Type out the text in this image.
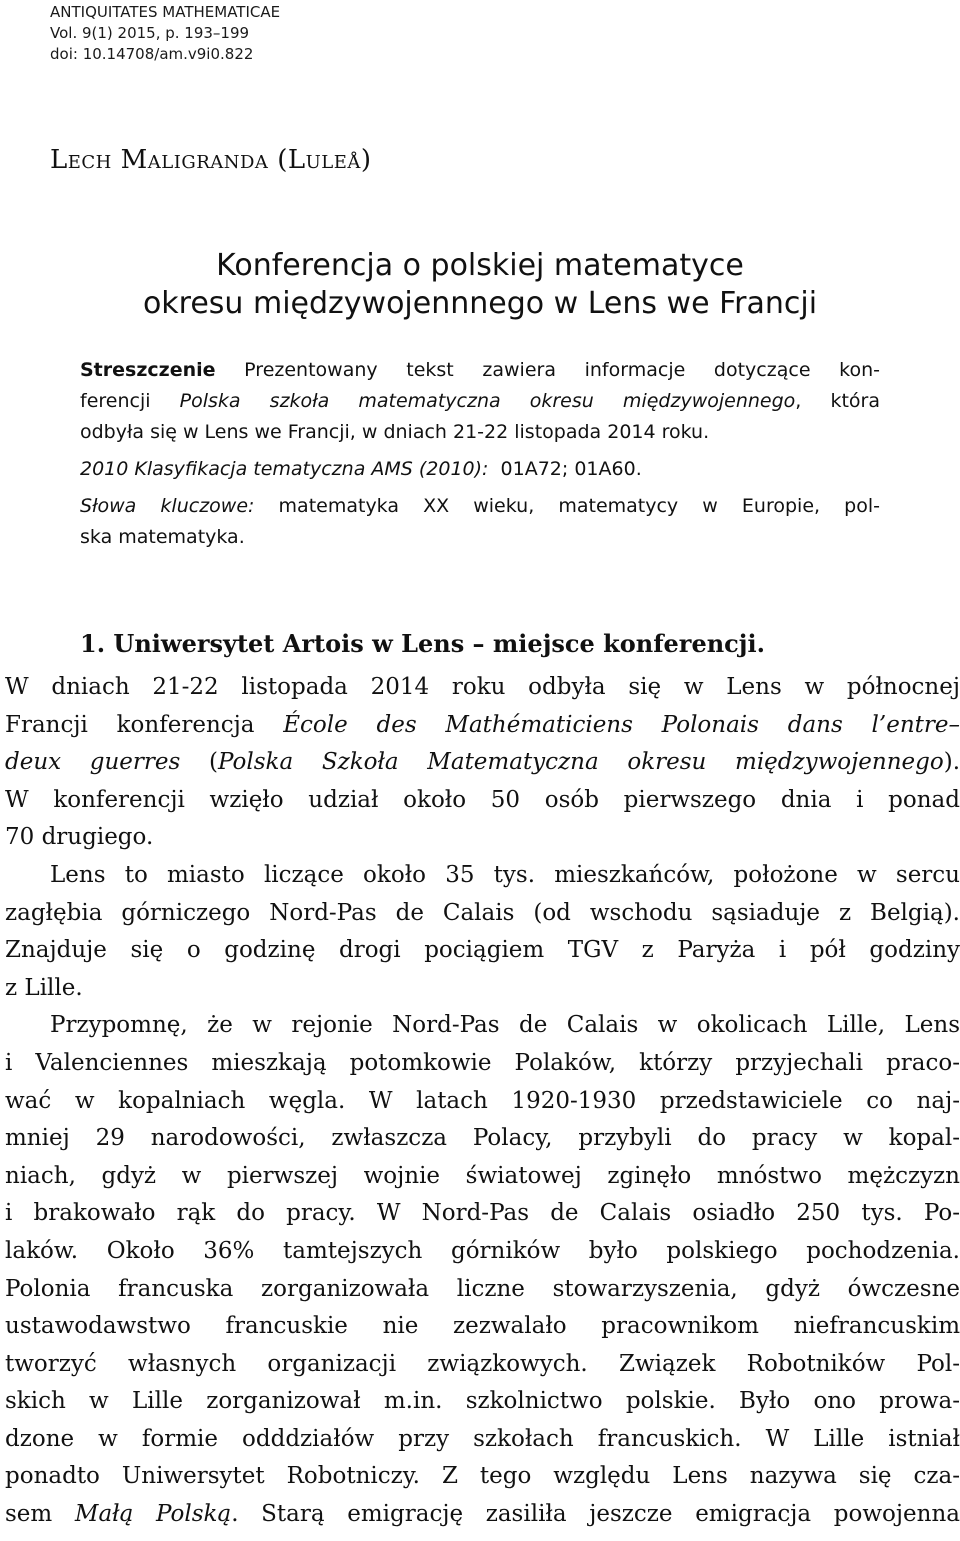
ANTIQUITATES MATHEMATICAE
Vol. 9(1) 2015, p. 193–199
doi: 10.14708/am.v9i0.822
Lech Maligranda (Luleå)
Konferencja o polskiej matematyce
okresu międzywojennnego w Lens we Francji
Streszczenie Prezentowany tekst zawiera informacje dotyczące kon-
ferencji Polska szkoła matematyczna okresu międzywojennego, która
odbyła się w Lens we Francji, w dniach 21-22 listopada 2014 roku.
2010 Klasyfikacja tematyczna AMS (2010): 01A72; 01A60.
Słowa kluczowe: matematyka XX wieku, matematycy w Europie, pol-
ska matematyka.
1. Uniwersytet Artois w Lens – miejsce konferencji.
W dniach 21-22 listopada 2014 roku odbyła się w Lens w północnej
Francji konferencja École des Mathématiciens Polonais dans l’entre–
deux guerres (Polska Szkoła Matematyczna okresu międzywojennego).
W konferencji wzięło udział około 50 osób pierwszego dnia i ponad
70 drugiego.
Lens to miasto liczące około 35 tys. mieszkańców, położone w sercu
zagłębia górniczego Nord-Pas de Calais (od wschodu sąsiaduje z Belgią).
Znajduje się o godzinę drogi pociągiem TGV z Paryża i pół godziny
z Lille.
Przypomnę, że w rejonie Nord-Pas de Calais w okolicach Lille, Lens
i Valenciennes mieszkają potomkowie Polaków, którzy przyjechali praco-
wać w kopalniach węgla. W latach 1920-1930 przedstawiciele co naj-
mniej 29 narodowości, zwłaszcza Polacy, przybyli do pracy w kopal-
niach, gdyż w pierwszej wojnie światowej zginęło mnóstwo mężczyzn
i brakowało rąk do pracy. W Nord-Pas de Calais osiadło 250 tys. Po-
laków. Około 36% tamtejszych górników było polskiego pochodzenia.
Polonia francuska zorganizowała liczne stowarzyszenia, gdyż ówczesne
ustawodawstwo francuskie nie zezwalało pracownikom niefrancuskim
tworzyć własnych organizacji związkowych. Związek Robotników Pol-
skich w Lille zorganizował m.in. szkolnictwo polskie. Było ono prowa-
dzone w formie odddziałów przy szkołach francuskich. W Lille istniał
ponadto Uniwersytet Robotniczy. Z tego względu Lens nazywa się cza-
sem Małą Polską. Starą emigrację zasiliła jeszcze emigracja powojenna
